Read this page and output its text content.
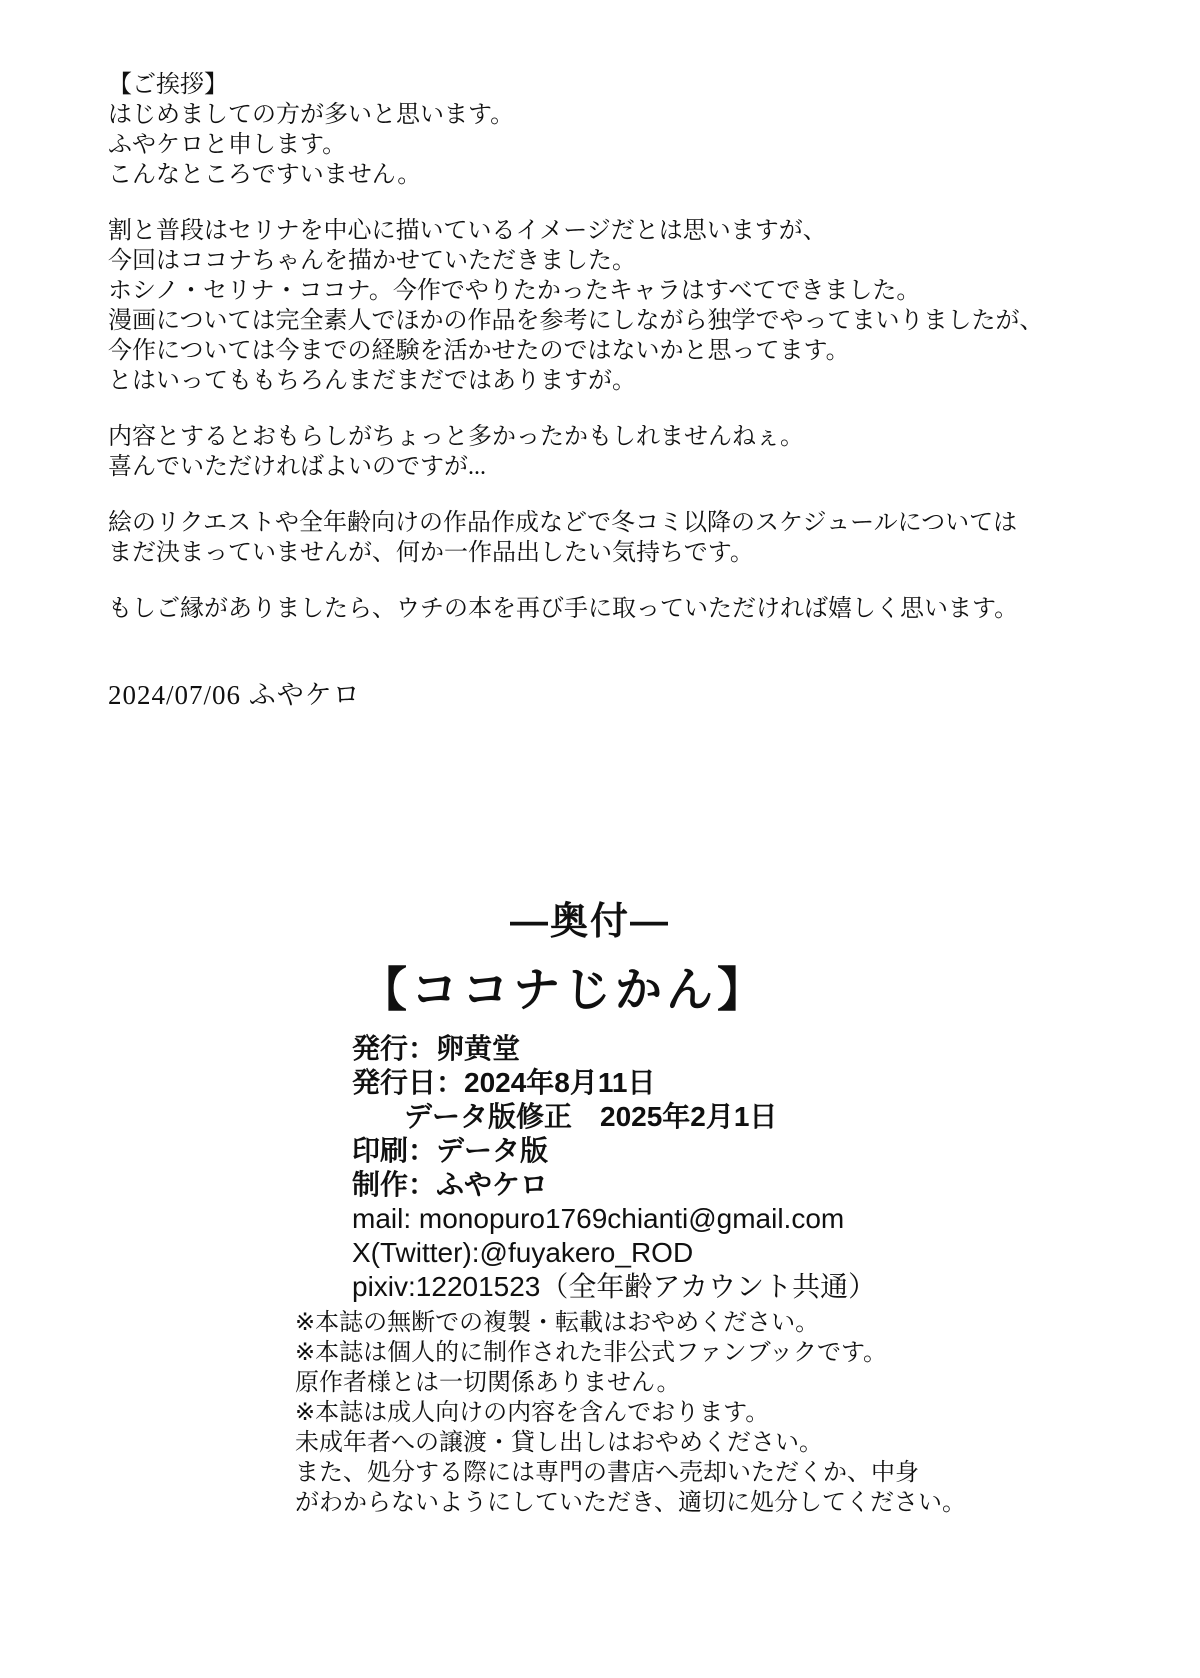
【ご挨拶】
はじめましての方が多いと思います。
ふやケロと申します。
こんなところですいません。

割と普段はセリナを中心に描いているイメージだとは思いますが、
今回はココナちゃんを描かせていただきました。
ホシノ・セリナ・ココナ。今作でやりたかったキャラはすべてできました。
漫画については完全素人でほかの作品を参考にしながら独学でやってまいりましたが、
今作については今までの経験を活かせたのではないかと思ってます。
とはいってももちろんまだまだではありますが。

内容とするとおもらしがちょっと多かったかもしれませんねぇ。
喜んでいただければよいのですが...

絵のリクエストや全年齢向けの作品作成などで冬コミ以降のスケジュールについては
まだ決まっていませんが、何か一作品出したい気持ちです。

もしご縁がありましたら、ウチの本を再び手に取っていただければ嬉しく思います。

2024/07/06 ふやケロ
―奥付―
【ココナじかん】
発行：卵黄堂
発行日：2024年8月11日
データ版修正　2025年2月1日
印刷：データ版
制作：ふやケロ
mail: monopuro1769chianti@gmail.com
X(Twitter):@fuyakero_ROD
pixiv:12201523（全年齢アカウント共通）
※本誌の無断での複製・転載はおやめください。
※本誌は個人的に制作された非公式ファンブックです。
原作者様とは一切関係ありません。
※本誌は成人向けの内容を含んでおります。
未成年者への譲渡・貸し出しはおやめください。
また、処分する際には専門の書店へ売却いただくか、中身
がわからないようにしていただき、適切に処分してください。
